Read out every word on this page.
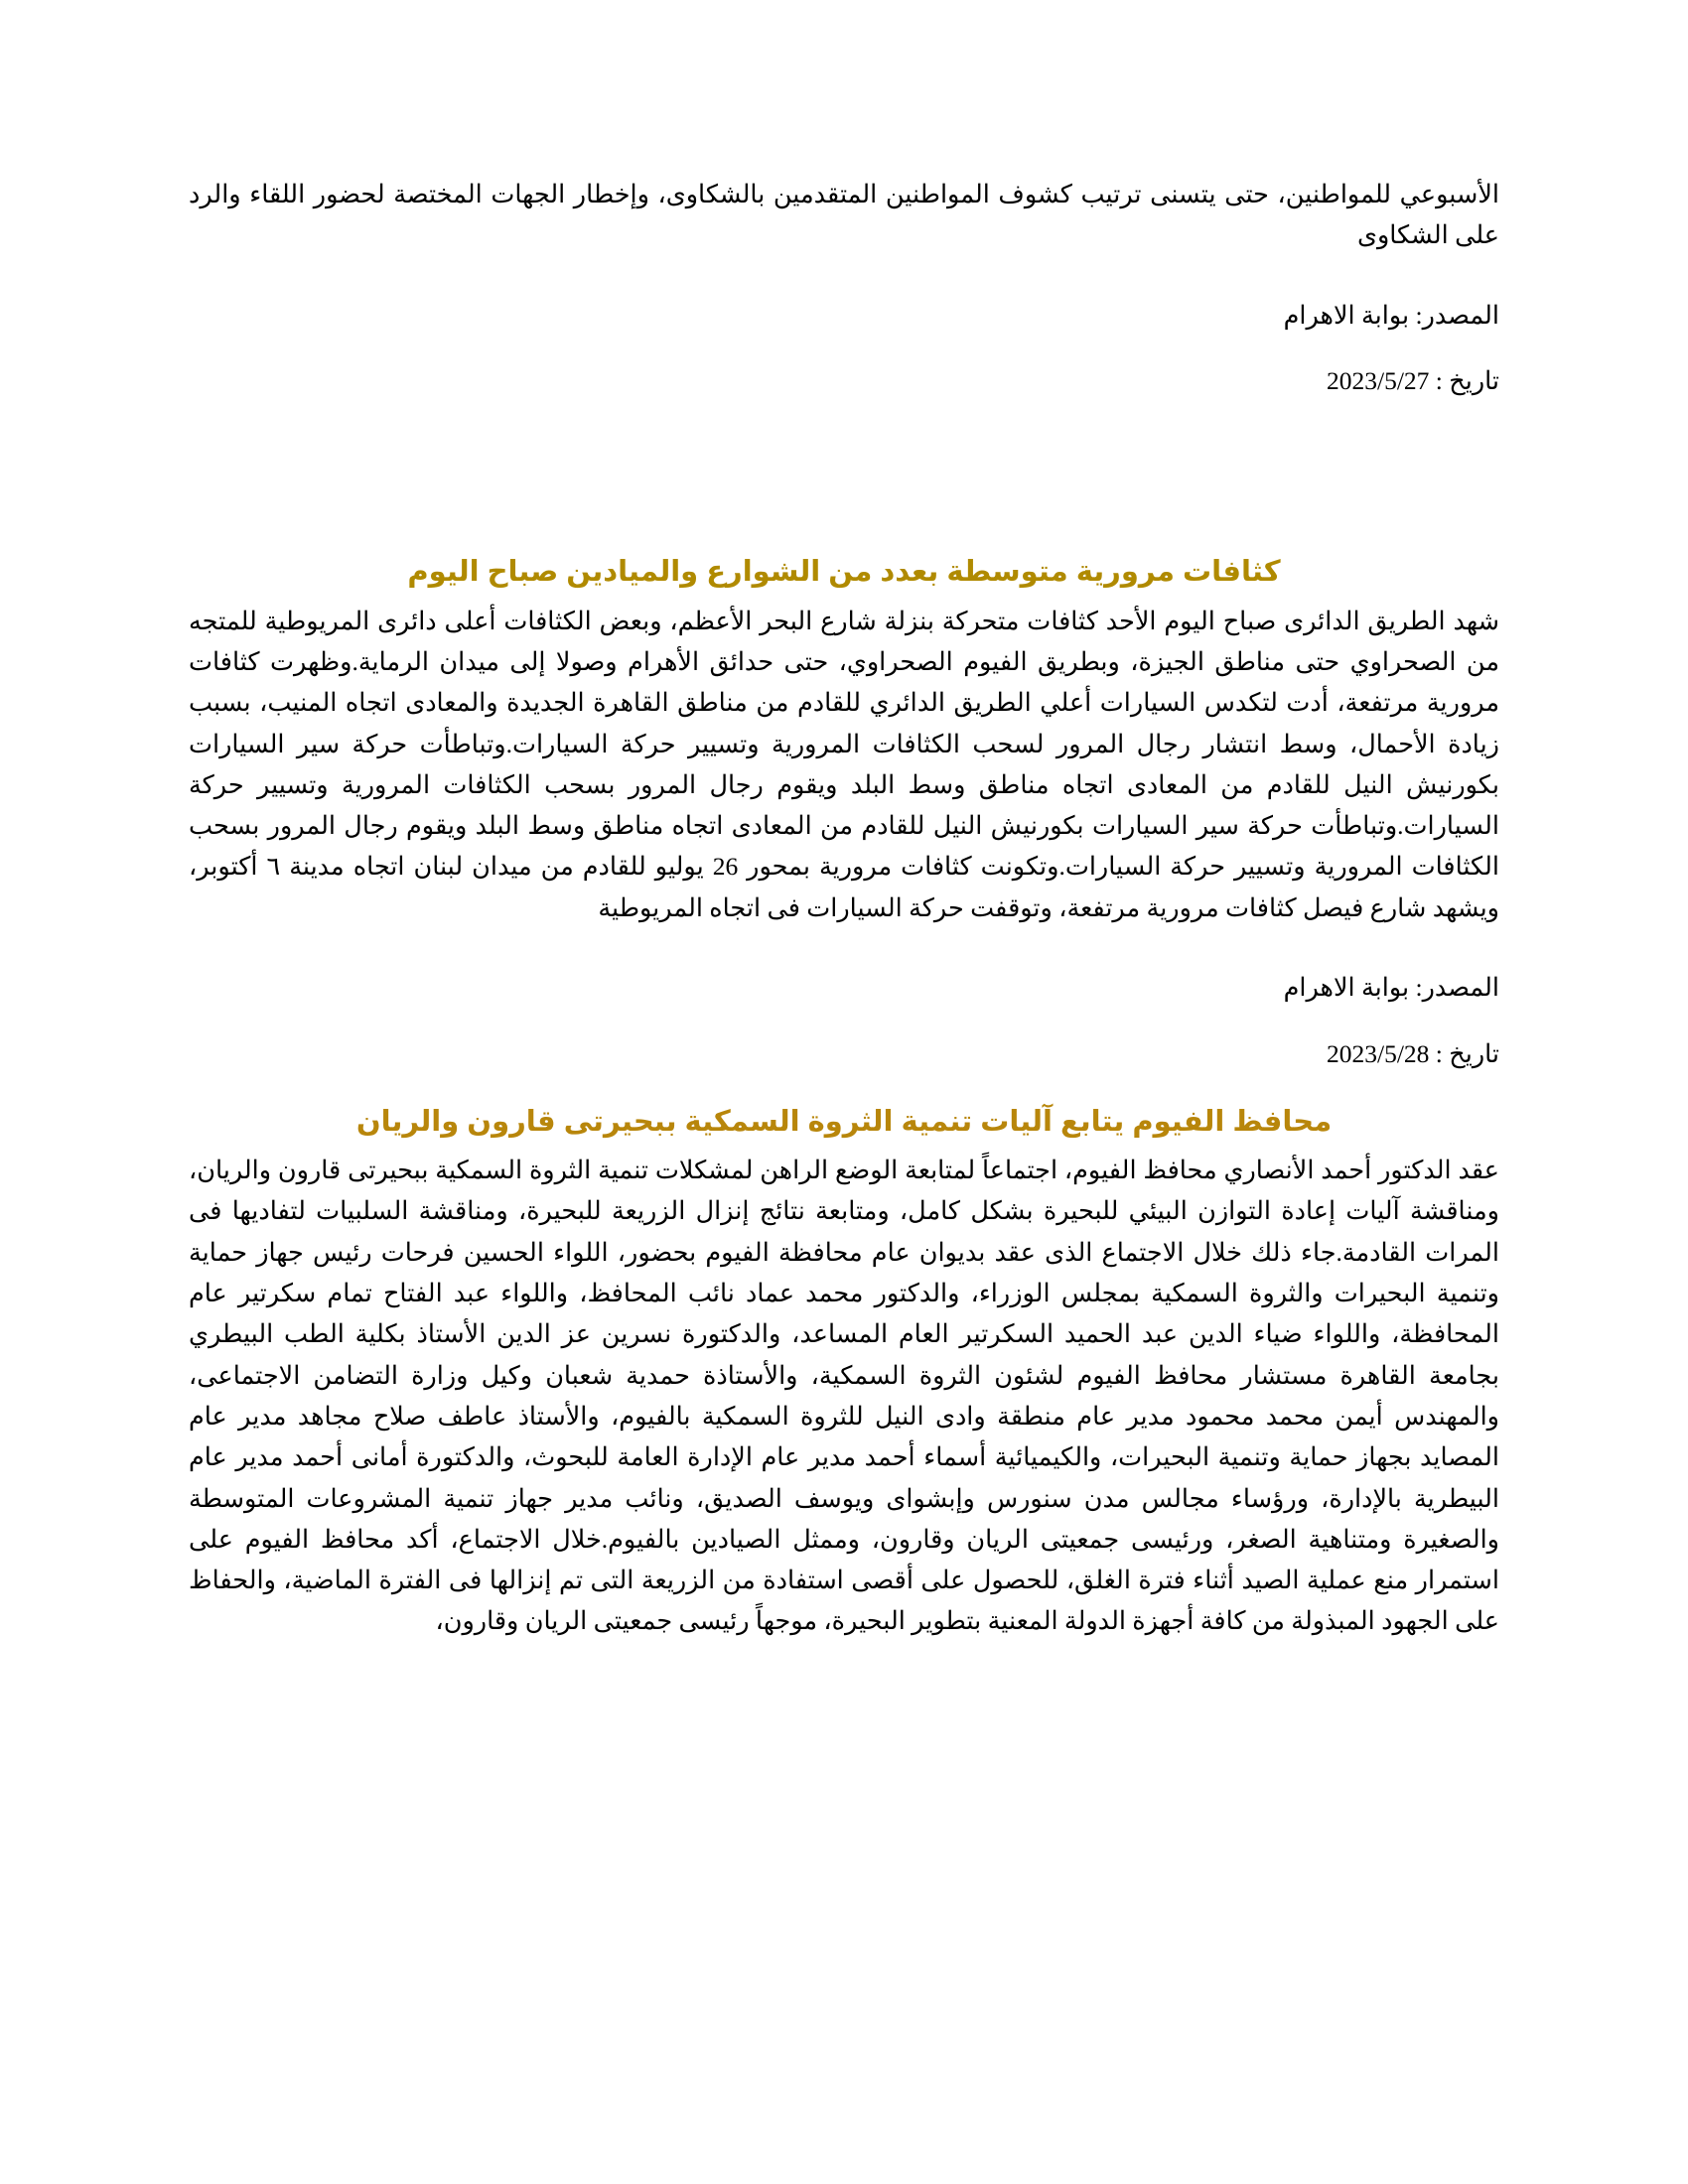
الأسبوعي للمواطنين، حتى يتسنى ترتيب كشوف المواطنين المتقدمين بالشكاوى، وإخطار الجهات المختصة لحضور اللقاء والرد على الشكاوى

المصدر: بوابة الاهرام

تاريخ : 2023/5/27

كثافات مرورية متوسطة بعدد من الشوارع والميادين صباح اليوم

شهد الطريق الدائرى صباح اليوم الأحد كثافات متحركة بنزلة شارع البحر الأعظم، وبعض الكثافات أعلى دائرى المريوطية للمتجه من الصحراوي حتى مناطق الجيزة، وبطريق الفيوم الصحراوي، حتى حدائق الأهرام وصولا إلى ميدان الرماية.وظهرت كثافات مرورية مرتفعة، أدت لتكدس السيارات أعلي الطريق الدائري للقادم من مناطق القاهرة الجديدة والمعادى اتجاه المنيب، بسبب زيادة الأحمال، وسط انتشار رجال المرور لسحب الكثافات المرورية وتسيير حركة السيارات.وتباطأت حركة سير السيارات بكورنيش النيل للقادم من المعادى اتجاه مناطق وسط البلد ويقوم رجال المرور بسحب الكثافات المرورية وتسيير حركة السيارات.وتباطأت حركة سير السيارات بكورنيش النيل للقادم من المعادى اتجاه مناطق وسط البلد ويقوم رجال المرور بسحب الكثافات المرورية وتسيير حركة السيارات.وتكونت كثافات مرورية بمحور 26 يوليو للقادم من ميدان لبنان اتجاه مدينة ٦ أكتوبر، ويشهد شارع فيصل كثافات مرورية مرتفعة، وتوقفت حركة السيارات فى اتجاه المريوطية

المصدر: بوابة الاهرام

تاريخ : 2023/5/28

محافظ الفيوم يتابع آليات تنمية الثروة السمكية ببحيرتى قارون والريان

عقد الدكتور أحمد الأنصاري محافظ الفيوم، اجتماعاً لمتابعة الوضع الراهن لمشكلات تنمية الثروة السمكية ببحيرتى قارون والريان، ومناقشة آليات إعادة التوازن البيئي للبحيرة بشكل كامل، ومتابعة نتائج إنزال الزريعة للبحيرة، ومناقشة السلبيات لتفاديها فى المرات القادمة.جاء ذلك خلال الاجتماع الذى عقد بديوان عام محافظة الفيوم بحضور، اللواء الحسين فرحات رئيس جهاز حماية وتنمية البحيرات والثروة السمكية بمجلس الوزراء، والدكتور محمد عماد نائب المحافظ، واللواء عبد الفتاح تمام سكرتير عام المحافظة، واللواء ضياء الدين عبد الحميد السكرتير العام المساعد، والدكتورة نسرين عز الدين الأستاذ بكلية الطب البيطري بجامعة القاهرة مستشار محافظ الفيوم لشئون الثروة السمكية، والأستاذة حمدية شعبان وكيل وزارة التضامن الاجتماعى، والمهندس أيمن محمد محمود مدير عام منطقة وادى النيل للثروة السمكية بالفيوم، والأستاذ عاطف صلاح مجاهد مدير عام المصايد بجهاز حماية وتنمية البحيرات، والكيميائية أسماء أحمد مدير عام الإدارة العامة للبحوث، والدكتورة أمانى أحمد مدير عام البيطرية بالإدارة، ورؤساء مجالس مدن سنورس وإبشواى ويوسف الصديق، ونائب مدير جهاز تنمية المشروعات المتوسطة والصغيرة ومتناهية الصغر، ورئيسى جمعيتى الريان وقارون، وممثل الصيادين بالفيوم.خلال الاجتماع، أكد محافظ الفيوم على استمرار منع عملية الصيد أثناء فترة الغلق، للحصول على أقصى استفادة من الزريعة التى تم إنزالها فى الفترة الماضية، والحفاظ على الجهود المبذولة من كافة أجهزة الدولة المعنية بتطوير البحيرة، موجهاً رئيسى جمعيتى الريان وقارون،
